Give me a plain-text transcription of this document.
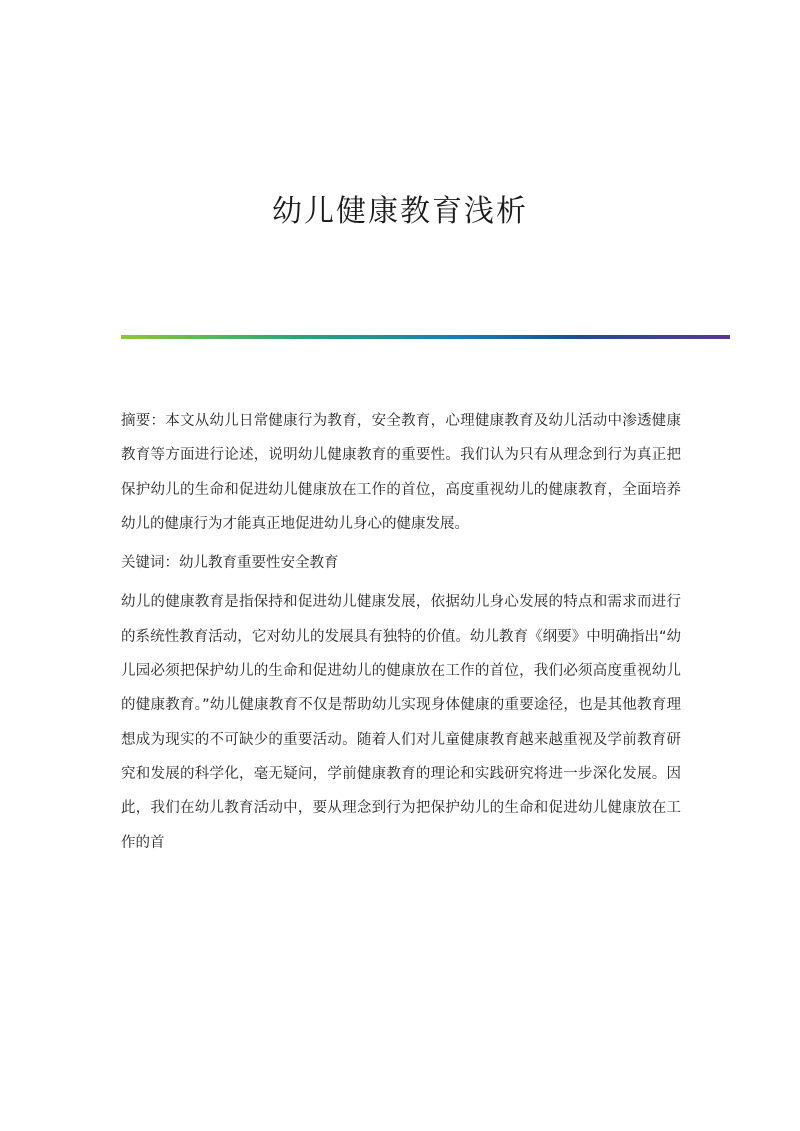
幼儿健康教育浅析

摘要：本文从幼儿日常健康行为教育，安全教育，心理健康教育及幼儿活动中渗透健康教育等方面进行论述，说明幼儿健康教育的重要性。我们认为只有从理念到行为真正把保护幼儿的生命和促进幼儿健康放在工作的首位，高度重视幼儿的健康教育，全面培养幼儿的健康行为才能真正地促进幼儿身心的健康发展。

关键词：幼儿教育重要性安全教育

幼儿的健康教育是指保持和促进幼儿健康发展，依据幼儿身心发展的特点和需求而进行的系统性教育活动，它对幼儿的发展具有独特的价值。幼儿教育《纲要》中明确指出“幼儿园必须把保护幼儿的生命和促进幼儿的健康放在工作的首位，我们必须高度重视幼儿的健康教育。”幼儿健康教育不仅是帮助幼儿实现身体健康的重要途径，也是其他教育理想成为现实的不可缺少的重要活动。随着人们对儿童健康教育越来越重视及学前教育研究和发展的科学化，毫无疑问，学前健康教育的理论和实践研究将进一步深化发展。因此，我们在幼儿教育活动中，要从理念到行为把保护幼儿的生命和促进幼儿健康放在工作的首
